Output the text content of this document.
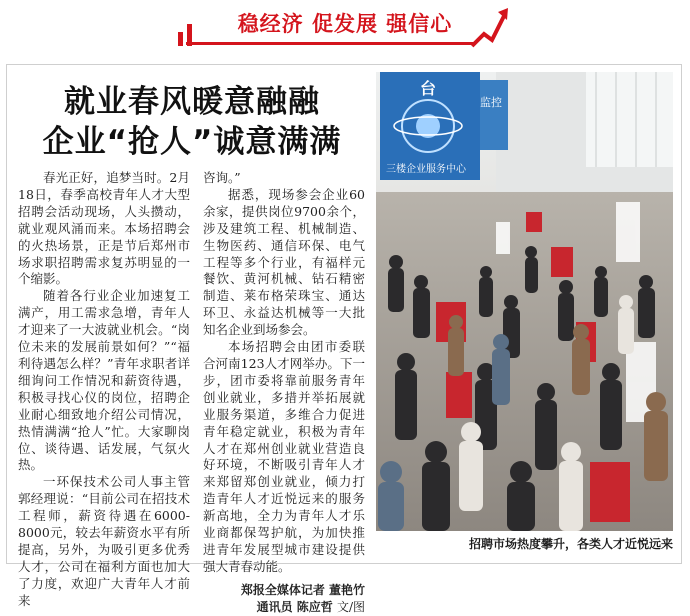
稳经济 促发展 强信心
就业春风暖意融融
企业“抢人”诚意满满

春光正好，追梦当时。2月18日，春季高校青年人才大型招聘会活动现场，人头攒动，就业观风涌而来。本场招聘会的火热场景，正是节后郑州市场求职招聘需求复苏明显的一个缩影。

随着各行业企业加速复工满产，用工需求急增，青年人才迎来了一大波就业机会。“岗位未来的发展前景如何？”“福利待遇怎么样？”青年求职者详细询问工作情况和薪资待遇，积极寻找心仪的岗位，招聘企业耐心细致地介绍公司情况，热情满满“抢人”忙。大家聊岗位、谈待遇、话发展，气氛火热。

一环保技术公司人事主管郭经理说：“目前公司在招技术工程师，薪资待遇在6000-8000元，较去年薪资水平有所提高，另外，为吸引更多优秀人才，公司在福利方面也加大了力度，欢迎广大青年人才前来

咨询。”

据悉，现场参会企业60余家，提供岗位9700余个，涉及建筑工程、机械制造、生物医药、通信环保、电气工程等多个行业，有福样元餐饮、黄河机械、钻石精密制造、莱布格荣珠宝、通达环卫、永益达机械等一大批知名企业到场参会。

本场招聘会由团市委联合河南123人才网举办。下一步，团市委将靠前服务青年创业就业，多措并举拓展就业服务渠道，多维合力促进青年稳定就业，积极为青年人才在郑州创业就业营造良好环境，不断吸引青年人才来郑留郑创业就业，倾力打造青年人才近悦远来的服务新高地，全力为青年人才乐业商都保驾护航，为加快推进青年发展型城市建设提供强大青春动能。

郑报全媒体记者 董艳竹
通讯员 陈应哲 文/图
监控
台
三楼企业服务中心
招聘市场热度攀升，各类人才近悦远来
